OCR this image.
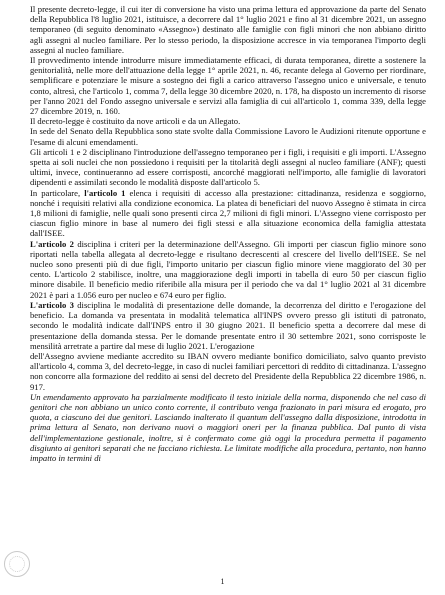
Il presente decreto-legge, il cui iter di conversione ha visto una prima lettura ed approvazione da parte del Senato della Repubblica l'8 luglio 2021, istituisce, a decorrere dal 1° luglio 2021 e fino al 31 dicembre 2021, un assegno temporaneo (di seguito denominato «Assegno») destinato alle famiglie con figli minori che non abbiano diritto agli assegni al nucleo familiare. Per lo stesso periodo, la disposizione accresce in via temporanea l'importo degli assegni al nucleo familiare.

Il provvedimento intende introdurre misure immediatamente efficaci, di durata temporanea, dirette a sostenere la genitorialità, nelle more dell'attuazione della legge 1° aprile 2021, n. 46, recante delega al Governo per riordinare, semplificare e potenziare le misure a sostegno dei figli a carico attraverso l'assegno unico e universale, e tenuto conto, altresì, che l'articolo 1, comma 7, della legge 30 dicembre 2020, n. 178, ha disposto un incremento di risorse per l'anno 2021 del Fondo assegno universale e servizi alla famiglia di cui all'articolo 1, comma 339, della legge 27 dicembre 2019, n. 160.

Il decreto-legge è costituito da nove articoli e da un Allegato.

In sede del Senato della Repubblica sono state svolte dalla Commissione Lavoro le Audizioni ritenute opportune e l'esame di alcuni emendamenti.

Gli articoli 1 e 2 disciplinano l'introduzione dell'assegno temporaneo per i figli, i requisiti e gli importi. L'Assegno spetta ai soli nuclei che non possiedono i requisiti per la titolarità degli assegni al nucleo familiare (ANF); questi ultimi, invece, continueranno ad essere corrisposti, ancorché maggiorati nell'importo, alle famiglie di lavoratori dipendenti e assimilati secondo le modalità disposte dall'articolo 5.

In particolare, l'articolo 1 elenca i requisiti di accesso alla prestazione: cittadinanza, residenza e soggiorno, nonché i requisiti relativi alla condizione economica. La platea di beneficiari del nuovo Assegno è stimata in circa 1,8 milioni di famiglie, nelle quali sono presenti circa 2,7 milioni di figli minori. L'Assegno viene corrisposto per ciascun figlio minore in base al numero dei figli stessi e alla situazione economica della famiglia attestata dall'ISEE.

L'articolo 2 disciplina i criteri per la determinazione dell'Assegno. Gli importi per ciascun figlio minore sono riportati nella tabella allegata al decreto-legge e risultano decrescenti al crescere del livello dell'ISEE. Se nel nucleo sono presenti più di due figli, l'importo unitario per ciascun figlio minore viene maggiorato del 30 per cento. L'articolo 2 stabilisce, inoltre, una maggiorazione degli importi in tabella di euro 50 per ciascun figlio minore disabile. Il beneficio medio riferibile alla misura per il periodo che va dal 1° luglio 2021 al 31 dicembre 2021 è pari a 1.056 euro per nucleo e 674 euro per figlio.

L'articolo 3 disciplina le modalità di presentazione delle domande, la decorrenza del diritto e l'erogazione del beneficio. La domanda va presentata in modalità telematica all'INPS ovvero presso gli istituti di patronato, secondo le modalità indicate dall'INPS entro il 30 giugno 2021. Il beneficio spetta a decorrere dal mese di presentazione della domanda stessa. Per le domande presentate entro il 30 settembre 2021, sono corrisposte le mensilità arretrate a partire dal mese di luglio 2021. L'erogazione

dell'Assegno avviene mediante accredito su IBAN ovvero mediante bonifico domiciliato, salvo quanto previsto all'articolo 4, comma 3, del decreto-legge, in caso di nuclei familiari percettori di reddito di cittadinanza. L'assegno non concorre alla formazione del reddito ai sensi del decreto del Presidente della Repubblica 22 dicembre 1986, n. 917.

Un emendamento approvato ha parzialmente modificato il testo iniziale della norma, disponendo che nel caso di genitori che non abbiano un unico conto corrente, il contributo venga frazionato in pari misura ed erogato, pro quota, a ciascuno dei due genitori. Lasciando inalterato il quantum dell'assegno dalla disposizione, introdotta in prima lettura al Senato, non derivano nuovi o maggiori oneri per la finanza pubblica. Dal punto di vista dell'implementazione gestionale, inoltre, si è confermato come già oggi la procedura permetta il pagamento disgiunto ai genitori separati che ne facciano richiesta. Le limitate modifiche alla procedura, pertanto, non hanno impatto in termini di

1
